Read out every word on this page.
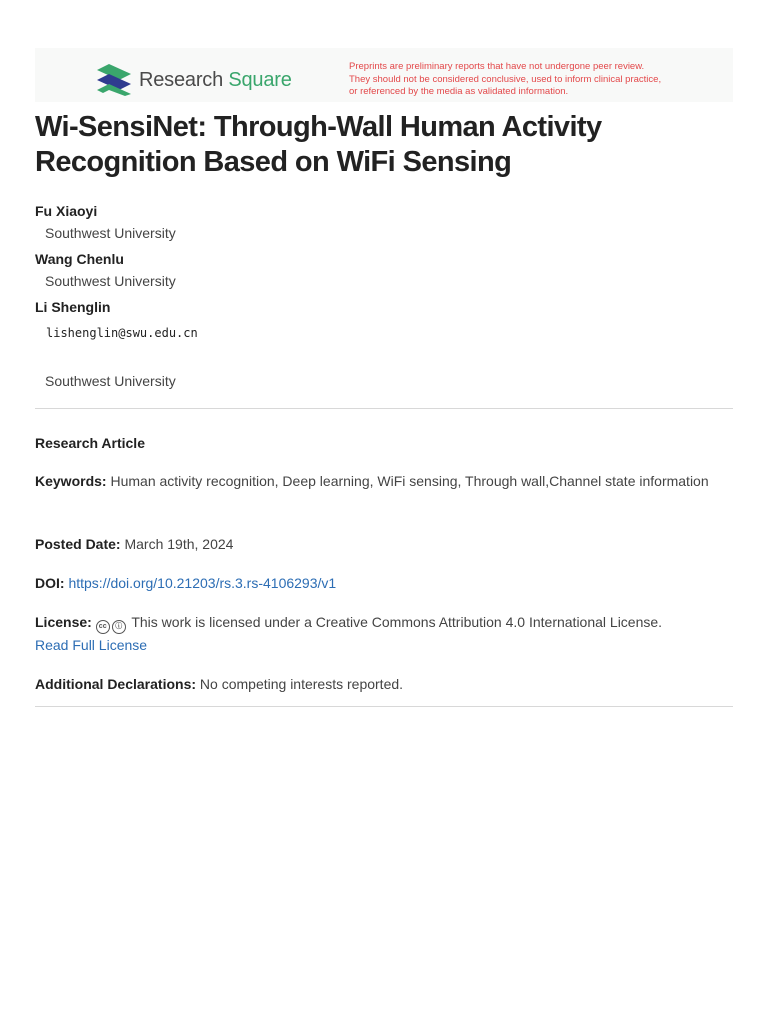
Research Square
Preprints are preliminary reports that have not undergone peer review.
They should not be considered conclusive, used to inform clinical practice,
or referenced by the media as validated information.
Wi-SensiNet: Through-Wall Human Activity
Recognition Based on WiFi Sensing
Fu Xiaoyi
Southwest University
Wang Chenlu
Southwest University
Li Shenglin
lishenglin@swu.edu.cn
Southwest University
Research Article
Keywords: Human activity recognition, Deep learning, WiFi sensing, Through wall,Channel state information
Posted Date: March 19th, 2024
DOI: https://doi.org/10.21203/rs.3.rs-4106293/v1
License: cc ⓘ This work is licensed under a Creative Commons Attribution 4.0 International License.
Read Full License
Additional Declarations: No competing interests reported.
